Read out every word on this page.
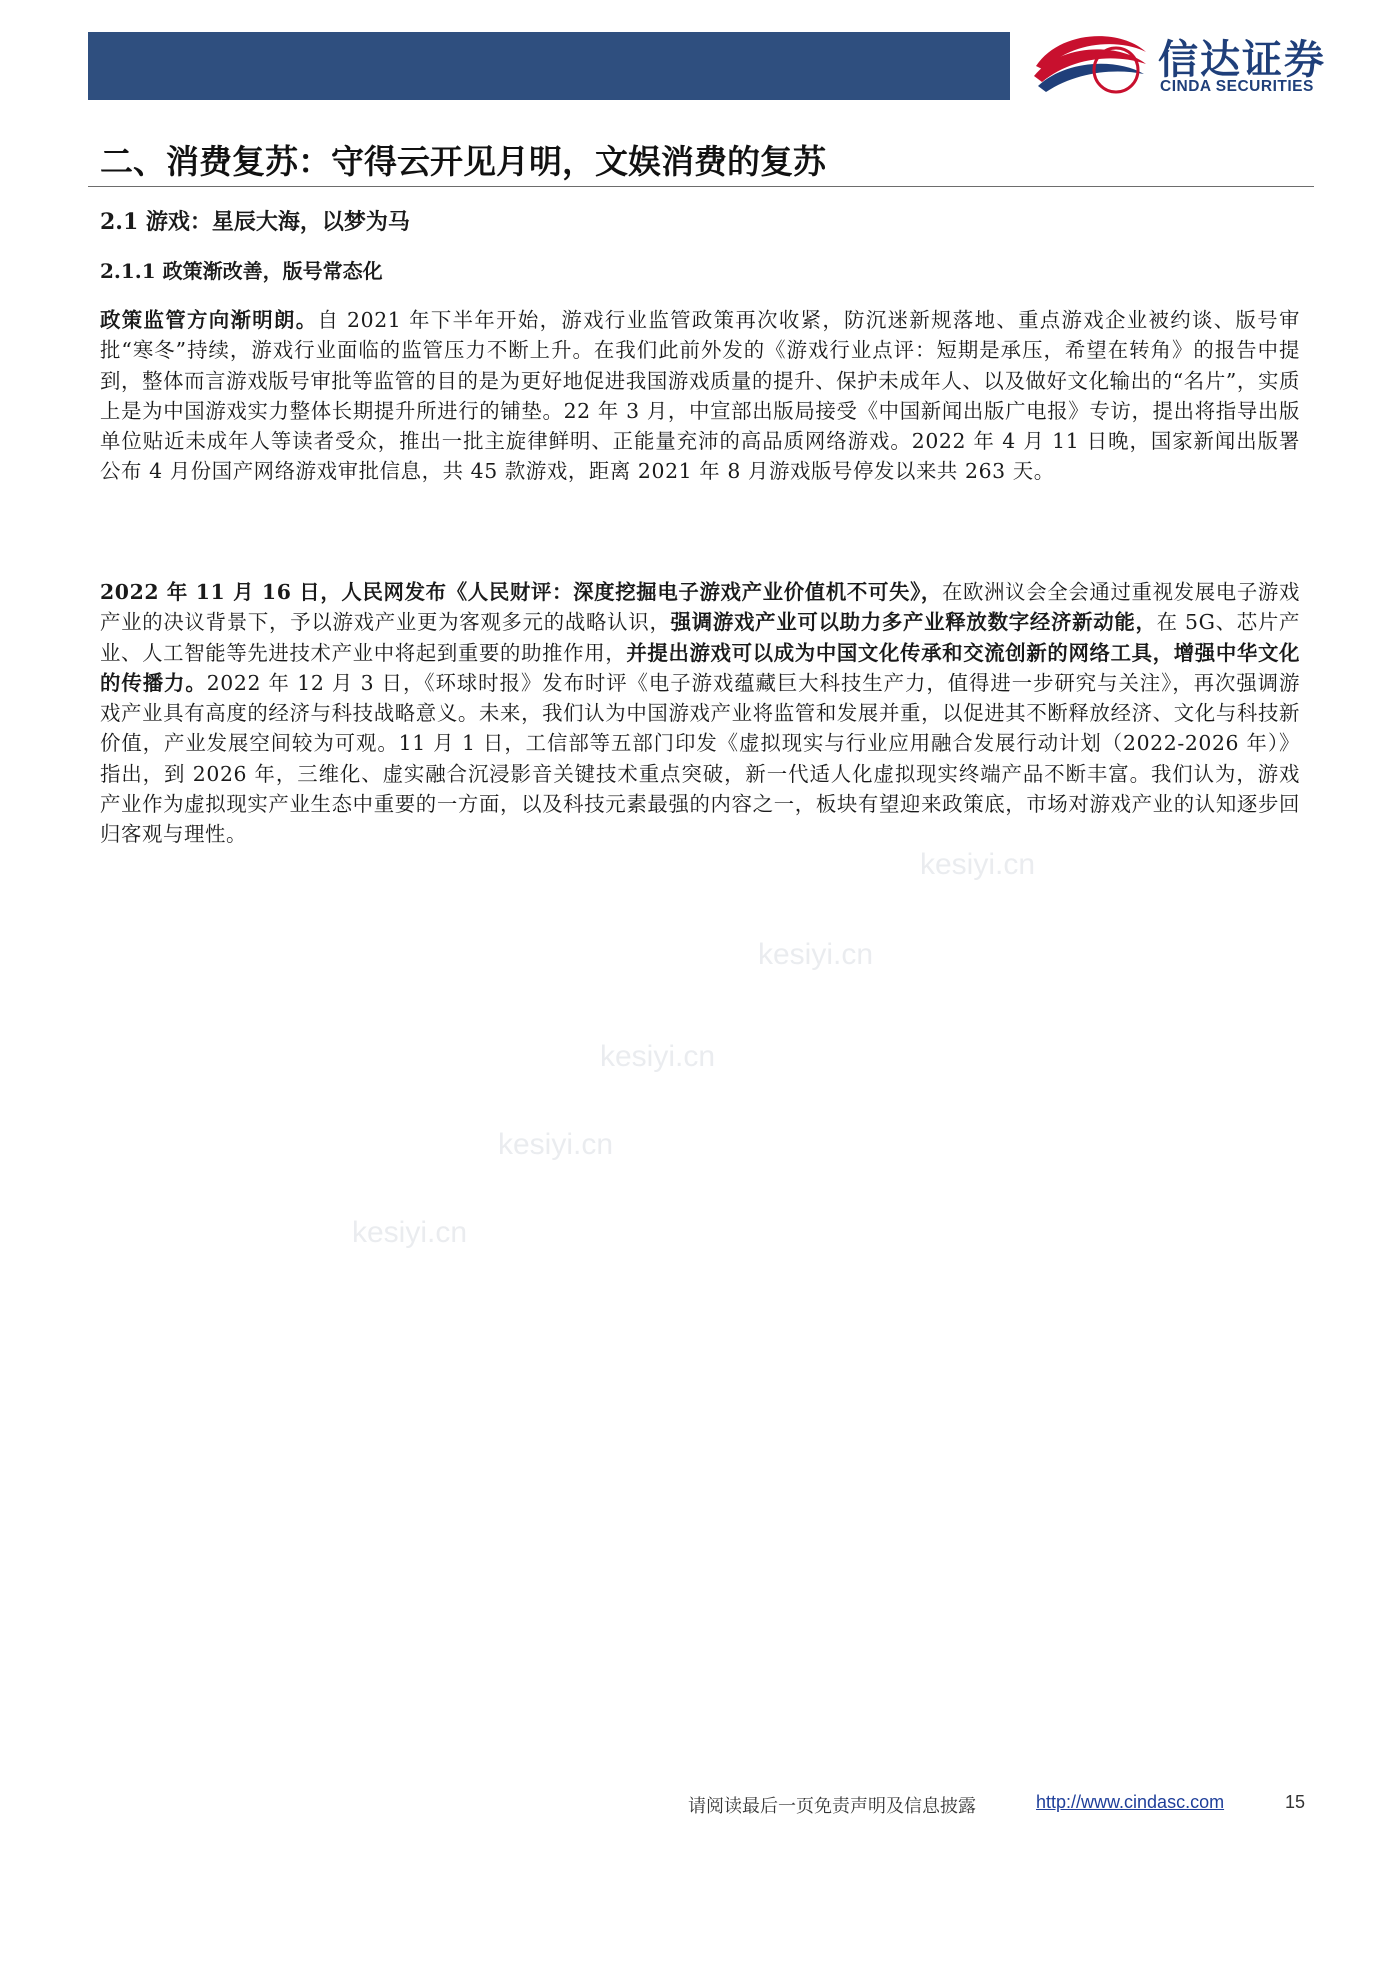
信达证券
CINDA SECURITIES
二、消费复苏：守得云开见月明，文娱消费的复苏
2.1 游戏：星辰大海，以梦为马
2.1.1 政策渐改善，版号常态化
政策监管方向渐明朗。自 2021 年下半年开始，游戏行业监管政策再次收紧，防沉迷新规落地、重点游戏企业被约谈、版号审批“寒冬”持续，游戏行业面临的监管压力不断上升。在我们此前外发的《游戏行业点评：短期是承压，希望在转角》的报告中提到，整体而言游戏版号审批等监管的目的是为更好地促进我国游戏质量的提升、保护未成年人、以及做好文化输出的“名片”，实质上是为中国游戏实力整体长期提升所进行的铺垫。22 年 3 月，中宣部出版局接受《中国新闻出版广电报》专访，提出将指导出版单位贴近未成年人等读者受众，推出一批主旋律鲜明、正能量充沛的高品质网络游戏。2022 年 4 月 11 日晚，国家新闻出版署公布 4 月份国产网络游戏审批信息，共 45 款游戏，距离 2021 年 8 月游戏版号停发以来共 263 天。
2022 年 11 月 16 日，人民网发布《人民财评：深度挖掘电子游戏产业价值机不可失》，在欧洲议会全会通过重视发展电子游戏产业的决议背景下，予以游戏产业更为客观多元的战略认识，强调游戏产业可以助力多产业释放数字经济新动能，在 5G、芯片产业、人工智能等先进技术产业中将起到重要的助推作用，并提出游戏可以成为中国文化传承和交流创新的网络工具，增强中华文化的传播力。2022 年 12 月 3 日，《环球时报》发布时评《电子游戏蕴藏巨大科技生产力，值得进一步研究与关注》，再次强调游戏产业具有高度的经济与科技战略意义。未来，我们认为中国游戏产业将监管和发展并重，以促进其不断释放经济、文化与科技新价值，产业发展空间较为可观。11 月 1 日，工信部等五部门印发《虚拟现实与行业应用融合发展行动计划（2022-2026 年）》指出，到 2026 年，三维化、虚实融合沉浸影音关键技术重点突破，新一代适人化虚拟现实终端产品不断丰富。我们认为，游戏产业作为虚拟现实产业生态中重要的一方面，以及科技元素最强的内容之一，板块有望迎来政策底，市场对游戏产业的认知逐步回归客观与理性。
kesiyi.cn
kesiyi.cn
kesiyi.cn
kesiyi.cn
kesiyi.cn
请阅读最后一页免责声明及信息披露	http://www.cindasc.com	15
